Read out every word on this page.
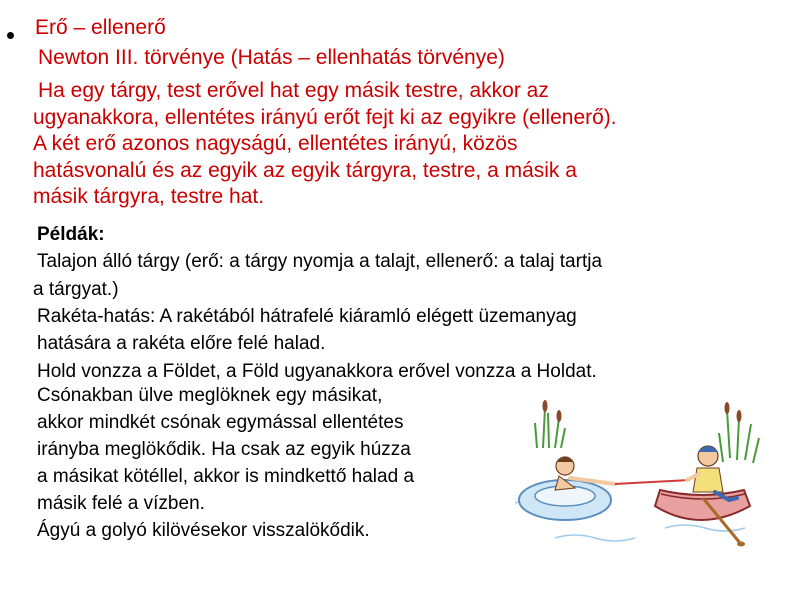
Erő – ellenerő
Newton III. törvénye (Hatás – ellenhatás törvénye)
Ha egy tárgy, test erővel hat egy másik testre, akkor az
ugyanakkora, ellentétes irányú erőt fejt ki az egyikre (ellenerő).
A két erő azonos nagyságú, ellentétes irányú, közös
hatásvonalú és az egyik az egyik tárgyra, testre, a másik a
másik tárgyra, testre hat.
Példák:
Talajon álló tárgy (erő: a tárgy nyomja a talajt, ellenerő: a talaj tartja
a tárgyat.)
Rakéta-hatás: A rakétából hátrafelé kiáramló elégett üzemanyag
hatására a rakéta előre felé halad.
Hold vonzza a Földet, a Föld ugyanakkora erővel vonzza a Holdat.
Csónakban ülve meglöknek egy másikat,
akkor mindkét csónak egymással ellentétes
irányba meglökődik. Ha csak az egyik húzza
a másikat kötéllel, akkor is mindkettő halad a
másik felé a vízben.
Ágyú a golyó kilövésekor visszalökődik.
